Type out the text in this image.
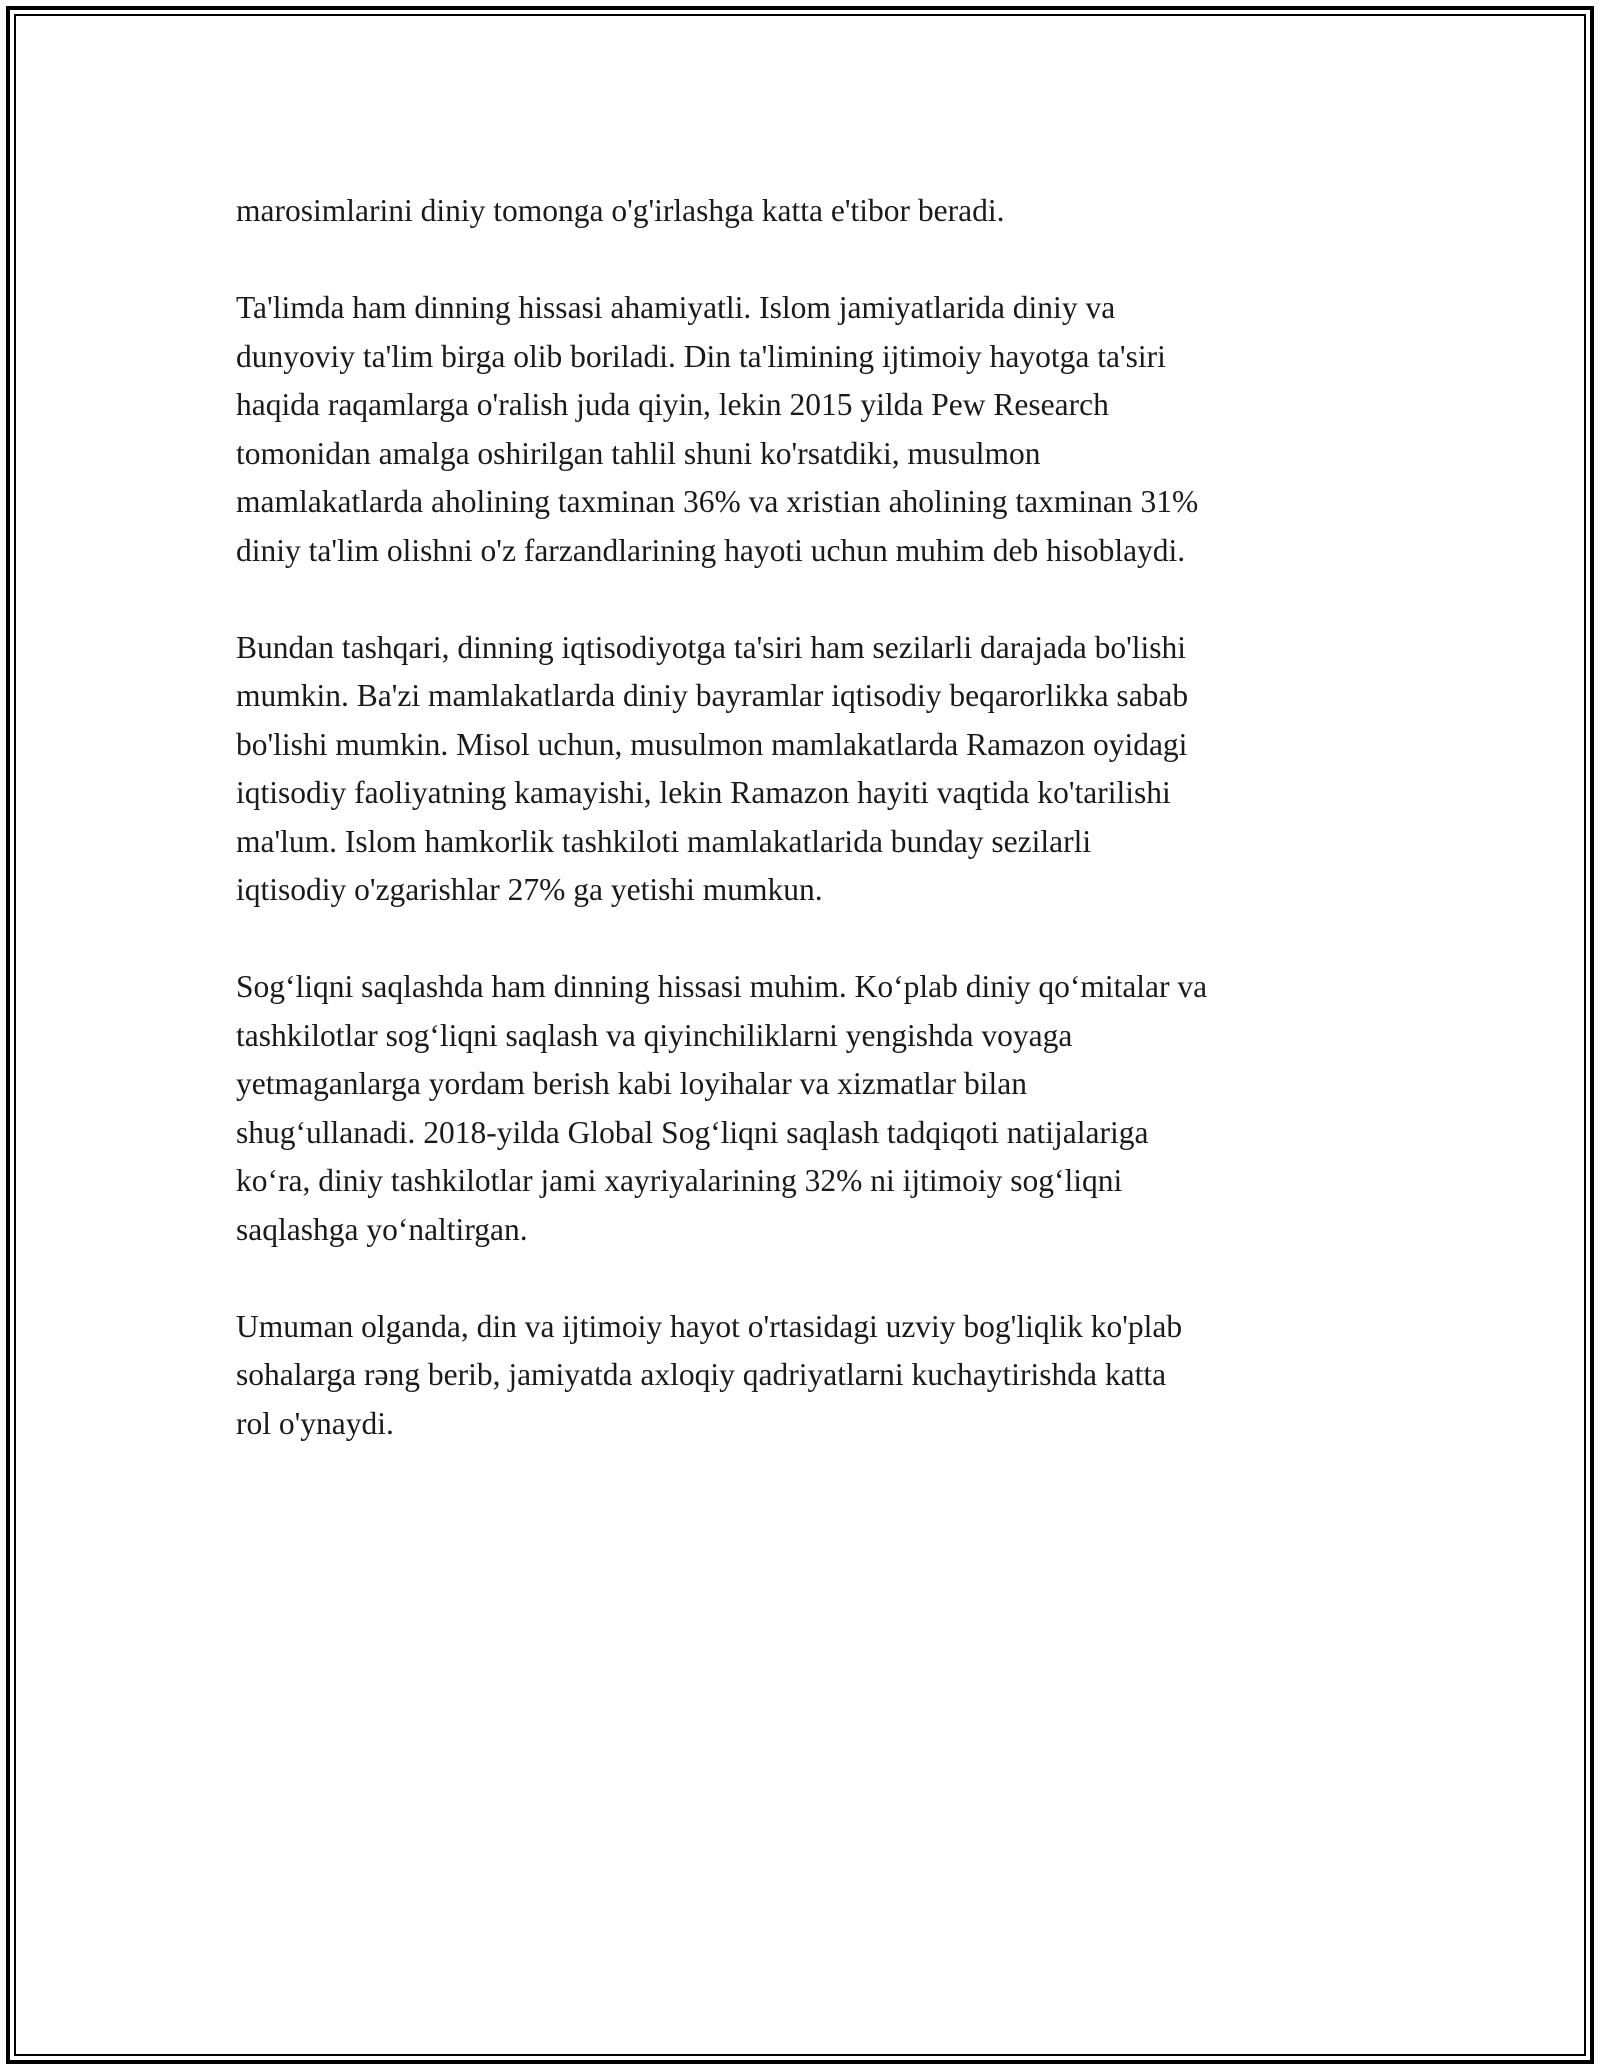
marosimlarini diniy tomonga o'g'irlashga katta e'tibor beradi.

Ta'limda ham dinning hissasi ahamiyatli. Islom jamiyatlarida diniy va
dunyoviy ta'lim birga olib boriladi. Din ta'limining ijtimoiy hayotga ta'siri
haqida raqamlarga o'ralish juda qiyin, lekin 2015 yilda Pew Research
tomonidan amalga oshirilgan tahlil shuni ko'rsatdiki, musulmon
mamlakatlarda aholining taxminan 36% va xristian aholining taxminan 31%
diniy ta'lim olishni o'z farzandlarining hayoti uchun muhim deb hisoblaydi.

Bundan tashqari, dinning iqtisodiyotga ta'siri ham sezilarli darajada bo'lishi
mumkin. Ba'zi mamlakatlarda diniy bayramlar iqtisodiy beqarorlikka sabab
bo'lishi mumkin. Misol uchun, musulmon mamlakatlarda Ramazon oyidagi
iqtisodiy faoliyatning kamayishi, lekin Ramazon hayiti vaqtida ko'tarilishi
ma'lum. Islom hamkorlik tashkiloti mamlakatlarida bunday sezilarli
iqtisodiy o'zgarishlar 27% ga yetishi mumkun.

Sog‘liqni saqlashda ham dinning hissasi muhim. Ko‘plab diniy qo‘mitalar va
tashkilotlar sog‘liqni saqlash va qiyinchiliklarni yengishda voyaga
yetmaganlarga yordam berish kabi loyihalar va xizmatlar bilan
shug‘ullanadi. 2018-yilda Global Sog‘liqni saqlash tadqiqoti natijalariga
ko‘ra, diniy tashkilotlar jami xayriyalarining 32% ni ijtimoiy sog‘liqni
saqlashga yo‘naltirgan.

Umuman olganda, din va ijtimoiy hayot o'rtasidagi uzviy bog'liqlik ko'plab
sohalarga rəng berib, jamiyatda axloqiy qadriyatlarni kuchaytirishda katta
rol o'ynaydi.
